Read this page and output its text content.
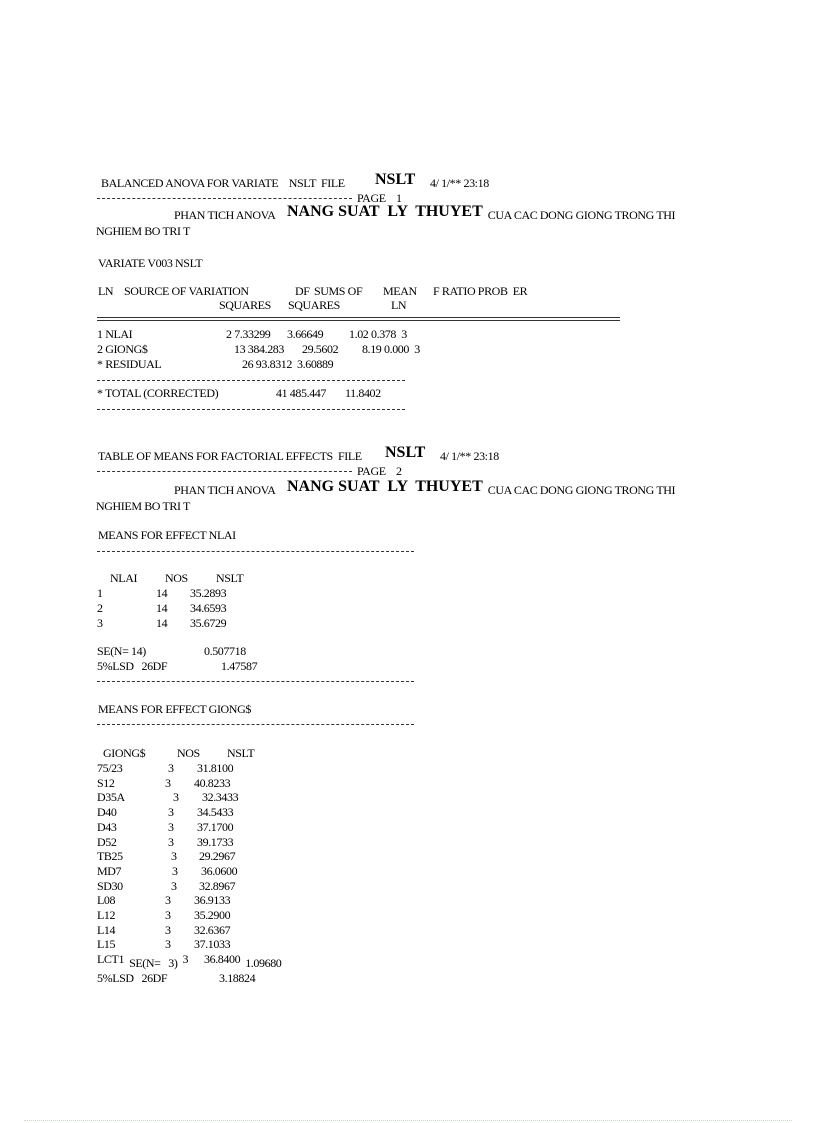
BALANCED ANOVA FOR VARIATE    NSLT  FILE NSLT 4/ 1/** 23:18
PAGE    1
PHAN TICH ANOVA NANG SUAT  LY  THUYET CUA CAC DONG GIONG TRONG THI
NGHIEM BO TRI T
VARIATE V003 NSLT
LN SOURCE OF VARIATION	DF SUMS OF MEAN F RATIO PROB  ER
SQUARES SQUARES	LN
1 NLAI	2 7.33299 3.66649 1.02 0.378  3
2 GIONG$	13 384.283 29.5602 8.19 0.000  3
* RESIDUAL	26 93.8312 3.60889
* TOTAL (CORRECTED)	41 485.447 11.8402
TABLE OF MEANS FOR FACTORIAL EFFECTS  FILE NSLT 4/ 1/** 23:18
PAGE    2
PHAN TICH ANOVA NANG SUAT  LY  THUYET CUA CAC DONG GIONG TRONG THI
NGHIEM BO TRI T
MEANS FOR EFFECT NLAI
NLAI NOS NSLT
1	14 35.2893
2	14 34.6593
3	14 35.6729
SE(N= 14)	0.507718
5%LSD   26DF	1.47587
MEANS FOR EFFECT GIONG$
GIONG$	NOS NSLT
75/23	3 31.8100
S12	3 40.8233
D35A	3 32.3433
D40	3 34.5433
D43	3 37.1700
D52	3 39.1733
TB25	3 29.2967
MD7	3 36.0600
SD30	3 32.8967
L08	3 36.9133
L12	3 35.2900
L14	3 32.6367
L15	3 37.1033
LCT1	3 36.8400
SE(N=   3)	1.09680
5%LSD   26DF	3.18824
